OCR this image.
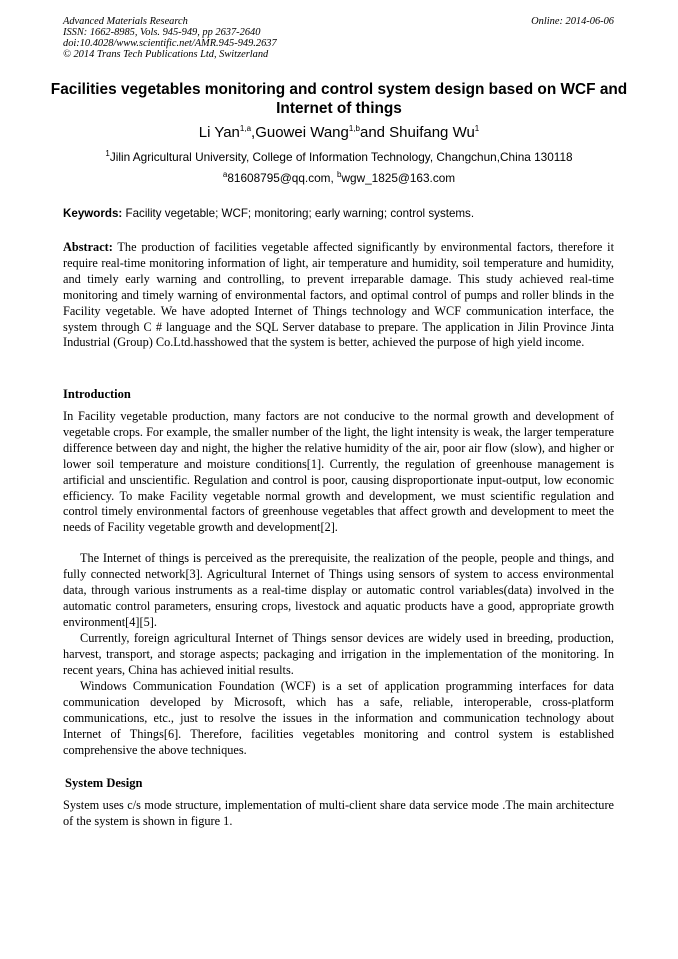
Advanced Materials Research
ISSN: 1662-8985, Vols. 945-949, pp 2637-2640
doi:10.4028/www.scientific.net/AMR.945-949.2637
© 2014 Trans Tech Publications Ltd, Switzerland
Online: 2014-06-06
Facilities vegetables monitoring and control system design based on WCF and Internet of things
Li Yan$^{1,a}$,Guowei Wang$^{1,b}$and Shuifang Wu$^1$
$^1$Jilin Agricultural University, College of Information Technology, Changchun,China 130118
$^a$81608795@qq.com, $^b$wgw_1825@163.com
Keywords: Facility vegetable; WCF; monitoring; early warning; control systems.
Abstract: The production of facilities vegetable affected significantly by environmental factors, therefore it require real-time monitoring information of light, air temperature and humidity, soil temperature and humidity, and timely early warning and controlling, to prevent irreparable damage. This study achieved real-time monitoring and timely warning of environmental factors, and optimal control of pumps and roller blinds in the Facility vegetable. We have adopted Internet of Things technology and WCF communication interface, the system through C # language and the SQL Server database to prepare. The application in Jilin Province Jinta Industrial (Group) Co.Ltd.hasshowed that the system is better, achieved the purpose of high yield income.
Introduction
In Facility vegetable production, many factors are not conducive to the normal growth and development of vegetable crops. For example, the smaller number of the light, the light intensity is weak, the larger temperature difference between day and night, the higher the relative humidity of the air, poor air flow (slow), and higher or lower soil temperature and moisture conditions[1]. Currently, the regulation of greenhouse management is artificial and unscientific. Regulation and control is poor, causing disproportionate input-output, low economic efficiency. To make Facility vegetable normal growth and development, we must scientific regulation and control timely environmental factors of greenhouse vegetables that affect growth and development to meet the needs of Facility vegetable growth and development[2].
The Internet of things is perceived as the prerequisite, the realization of the people, people and things, and fully connected network[3]. Agricultural Internet of Things using sensors of system to access environmental data, through various instruments as a real-time display or automatic control variables(data) involved in the automatic control parameters, ensuring crops, livestock and aquatic products have a good, appropriate growth environment[4][5].
Currently, foreign agricultural Internet of Things sensor devices are widely used in breeding, production, harvest, transport, and storage aspects; packaging and irrigation in the implementation of the monitoring. In recent years, China has achieved initial results.
Windows Communication Foundation (WCF) is a set of application programming interfaces for data communication developed by Microsoft, which has a safe, reliable, interoperable, cross-platform communications, etc., just to resolve the issues in the information and communication technology about Internet of Things[6]. Therefore, facilities vegetables monitoring and control system is established comprehensive the above techniques.
System Design
System uses c/s mode structure, implementation of multi-client share data service mode .The main architecture of the system is shown in figure 1.
